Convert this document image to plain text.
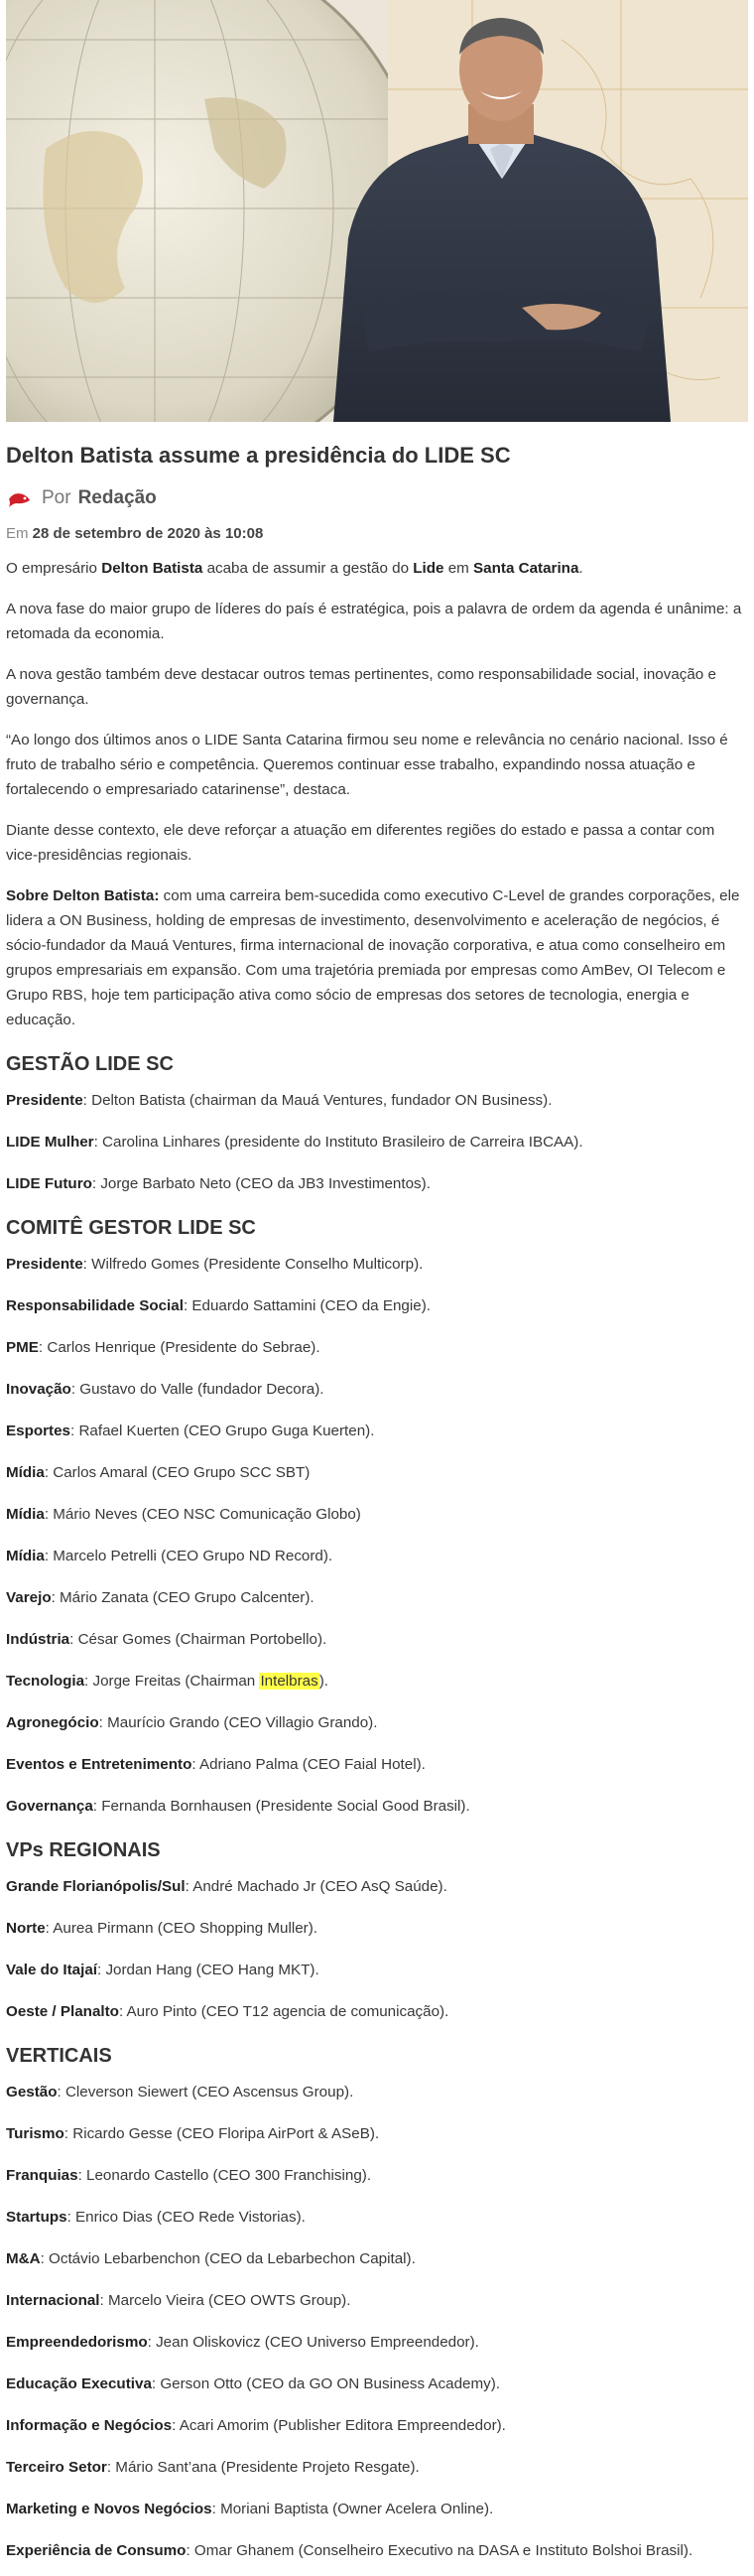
Delton Batista assume a presidência do LIDE SC
Por Redação
Em 28 de setembro de 2020 às 10:08

O empresário Delton Batista acaba de assumir a gestão do Lide em Santa Catarina.

A nova fase do maior grupo de líderes do país é estratégica, pois a palavra de ordem da agenda é unânime: a retomada da economia.

A nova gestão também deve destacar outros temas pertinentes, como responsabilidade social, inovação e governança.

“Ao longo dos últimos anos o LIDE Santa Catarina firmou seu nome e relevância no cenário nacional. Isso é fruto de trabalho sério e competência. Queremos continuar esse trabalho, expandindo nossa atuação e fortalecendo o empresariado catarinense”, destaca.

Diante desse contexto, ele deve reforçar a atuação em diferentes regiões do estado e passa a contar com vice-presidências regionais.

Sobre Delton Batista: com uma carreira bem-sucedida como executivo C-Level de grandes corporações, ele lidera a ON Business, holding de empresas de investimento, desenvolvimento e aceleração de negócios, é sócio-fundador da Mauá Ventures, firma internacional de inovação corporativa, e atua como conselheiro em grupos empresariais em expansão. Com uma trajetória premiada por empresas como AmBev, OI Telecom e Grupo RBS, hoje tem participação ativa como sócio de empresas dos setores de tecnologia, energia e educação.

GESTÃO LIDE SC

Presidente: Delton Batista (chairman da Mauá Ventures, fundador ON Business).

LIDE Mulher: Carolina Linhares (presidente do Instituto Brasileiro de Carreira IBCAA).

LIDE Futuro: Jorge Barbato Neto (CEO da JB3 Investimentos).

COMITÊ GESTOR LIDE SC

Presidente: Wilfredo Gomes (Presidente Conselho Multicorp).

Responsabilidade Social: Eduardo Sattamini (CEO da Engie).

PME: Carlos Henrique (Presidente do Sebrae).

Inovação: Gustavo do Valle (fundador Decora).

Esportes: Rafael Kuerten (CEO Grupo Guga Kuerten).

Mídia: Carlos Amaral (CEO Grupo SCC SBT)

Mídia: Mário Neves (CEO NSC Comunicação Globo)

Mídia: Marcelo Petrelli (CEO Grupo ND Record).

Varejo: Mário Zanata (CEO Grupo Calcenter).

Indústria: César Gomes (Chairman Portobello).

Tecnologia: Jorge Freitas (Chairman Intelbras).

Agronegócio: Maurício Grando (CEO Villagio Grando).

Eventos e Entretenimento: Adriano Palma (CEO Faial Hotel).

Governança: Fernanda Bornhausen (Presidente Social Good Brasil).

VPs REGIONAIS

Grande Florianópolis/Sul: André Machado Jr (CEO AsQ Saúde).

Norte: Aurea Pirmann (CEO Shopping Muller).

Vale do Itajaí: Jordan Hang (CEO Hang MKT).

Oeste / Planalto: Auro Pinto (CEO T12 agencia de comunicação).

VERTICAIS

Gestão: Cleverson Siewert (CEO Ascensus Group).

Turismo: Ricardo Gesse (CEO Floripa AirPort & ASeB).

Franquias: Leonardo Castello (CEO 300 Franchising).

Startups: Enrico Dias (CEO Rede Vistorias).

M&A: Octávio Lebarbenchon (CEO da Lebarbechon Capital).

Internacional: Marcelo Vieira (CEO OWTS Group).

Empreendedorismo: Jean Oliskovicz (CEO Universo Empreendedor).

Educação Executiva: Gerson Otto (CEO da GO ON Business Academy).

Informação e Negócios: Acari Amorim (Publisher Editora Empreendedor).

Terceiro Setor: Mário Sant’ana (Presidente Projeto Resgate).

Marketing e Novos Negócios: Moriani Baptista (Owner Acelera Online).

Experiência de Consumo: Omar Ghanem (Conselheiro Executivo na DASA e Instituto Bolshoi Brasil).
